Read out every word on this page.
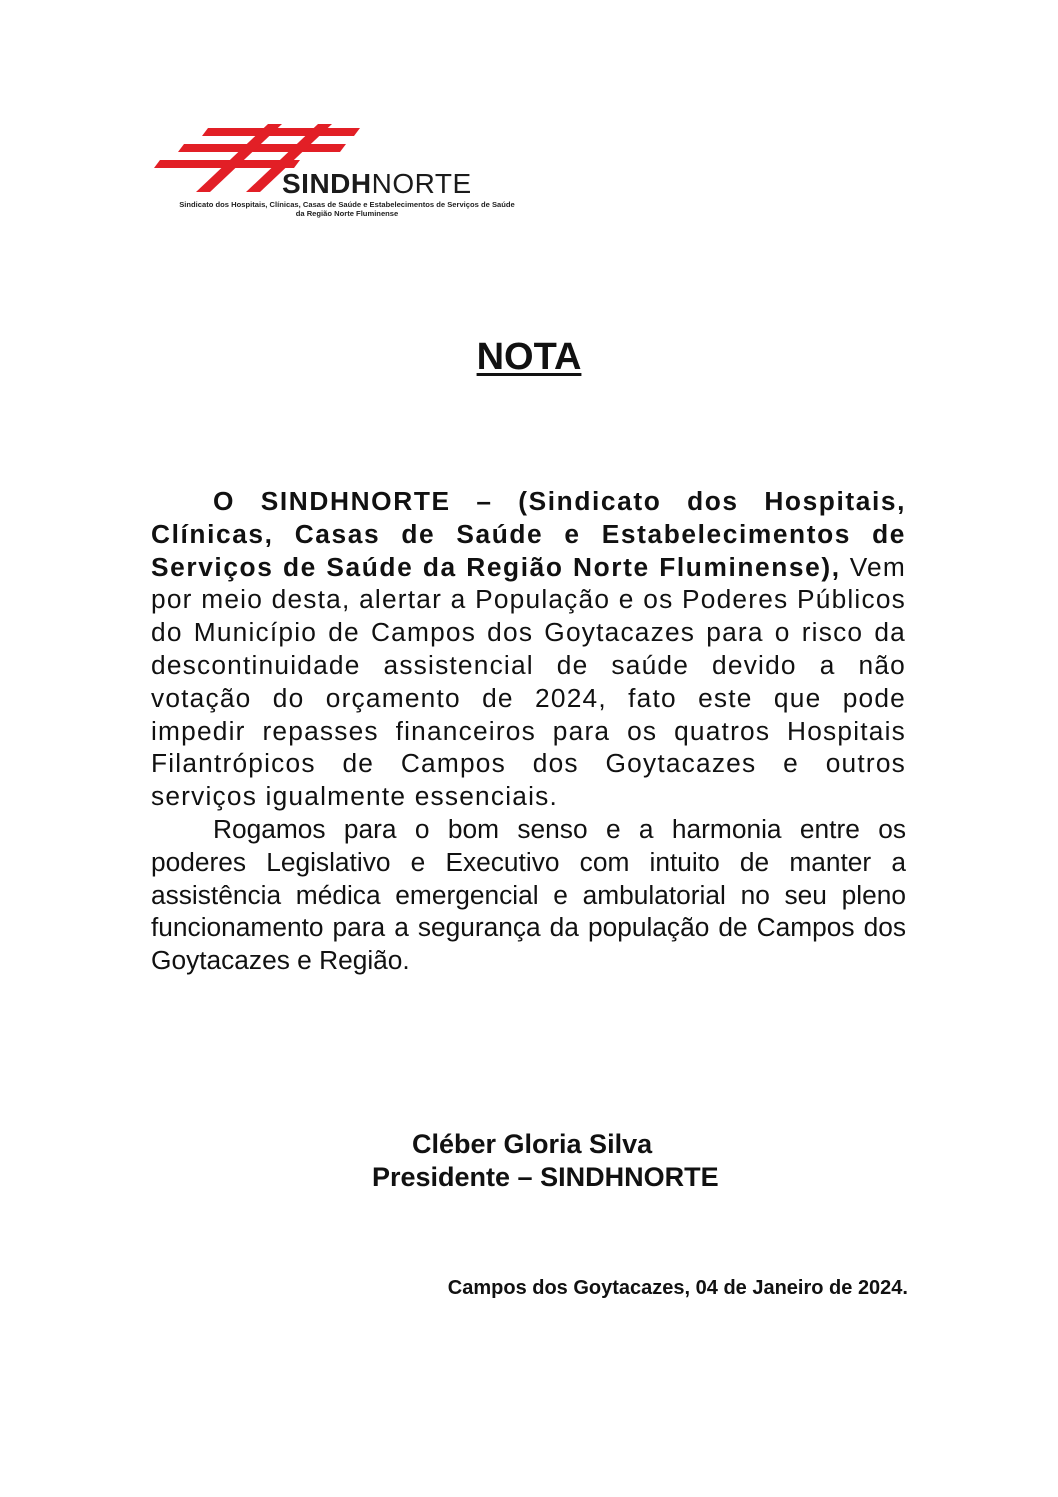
SINDHNORTE
Sindicato dos Hospitais, Clínicas, Casas de Saúde e Estabelecimentos de Serviços de Saúde
da Região Norte Fluminense
NOTA

O SINDHNORTE – (Sindicato dos Hospitais, Clínicas, Casas de Saúde e Estabelecimentos de Serviços de Saúde da Região Norte Fluminense), Vem por meio desta, alertar a População e os Poderes Públicos do Município de Campos dos Goytacazes para o risco da descontinuidade assistencial de saúde devido a não votação do orçamento de 2024, fato este que pode impedir repasses financeiros para os quatros Hospitais Filantrópicos de Campos dos Goytacazes e outros serviços igualmente essenciais.

Rogamos para o bom senso e a harmonia entre os poderes Legislativo e Executivo com intuito de manter a assistência médica emergencial e ambulatorial no seu pleno funcionamento para a segurança da população de Campos dos Goytacazes e Região.

Cléber Gloria Silva
Presidente – SINDHNORTE
Campos dos Goytacazes, 04 de Janeiro de 2024.
